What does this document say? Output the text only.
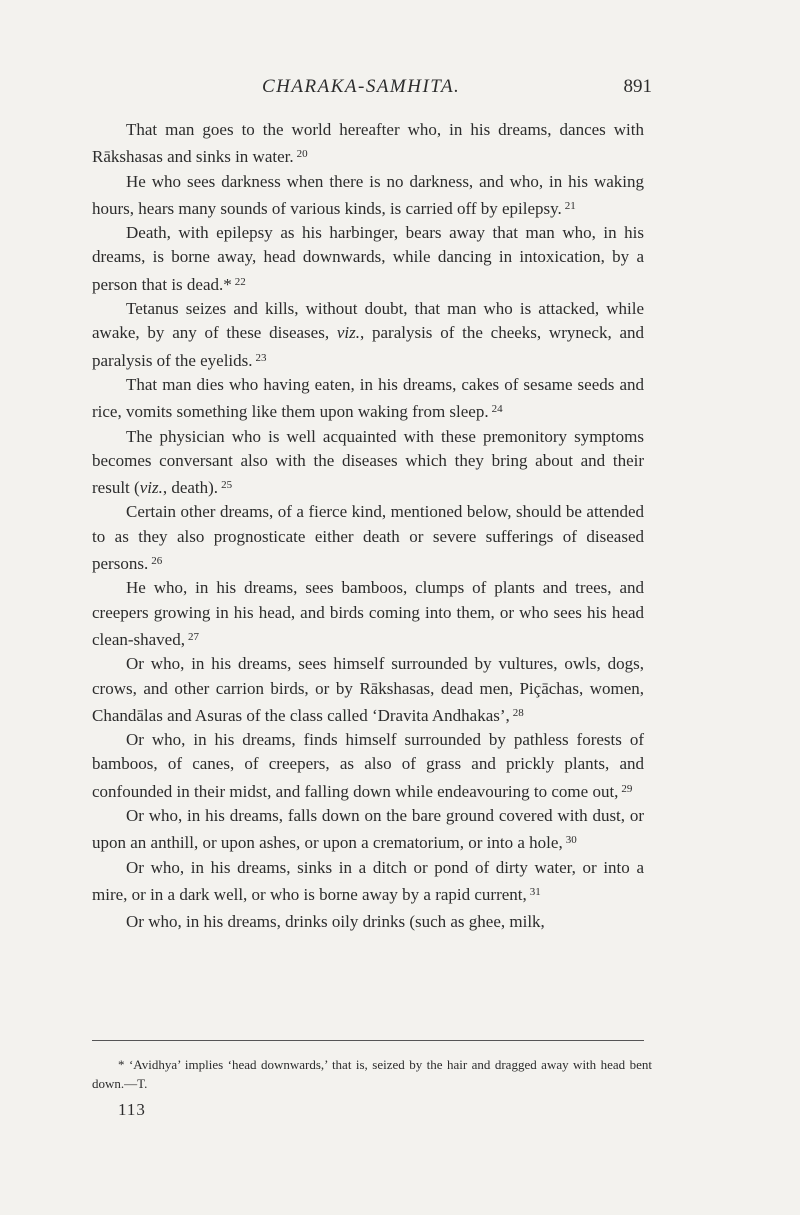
CHARAKA-SAMHITA.	891

That man goes to the world hereafter who, in his dreams, dances with Rākshasas and sinks in water. $^{20}$

He who sees darkness when there is no darkness, and who, in his waking hours, hears many sounds of various kinds, is carried off by epilepsy. $^{21}$

Death, with epilepsy as his harbinger, bears away that man who, in his dreams, is borne away, head downwards, while dancing in intoxication, by a person that is dead.* $^{22}$

Tetanus seizes and kills, without doubt, that man who is attacked, while awake, by any of these diseases, viz., paralysis of the cheeks, wryneck, and paralysis of the eyelids. $^{23}$

That man dies who having eaten, in his dreams, cakes of sesame seeds and rice, vomits something like them upon waking from sleep. $^{24}$

The physician who is well acquainted with these premonitory symptoms becomes conversant also with the diseases which they bring about and their result (viz., death). $^{25}$

Certain other dreams, of a fierce kind, mentioned below, should be attended to as they also prognosticate either death or severe sufferings of diseased persons. $^{26}$

He who, in his dreams, sees bamboos, clumps of plants and trees, and creepers growing in his head, and birds coming into them, or who sees his head clean-shaved, $^{27}$

Or who, in his dreams, sees himself surrounded by vultures, owls, dogs, crows, and other carrion birds, or by Rākshasas, dead men, Piçāchas, women, Chandālas and Asuras of the class called ‘Dravita Andhakas’, $^{28}$

Or who, in his dreams, finds himself surrounded by pathless forests of bamboos, of canes, of creepers, as also of grass and prickly plants, and confounded in their midst, and falling down while endeavouring to come out, $^{29}$

Or who, in his dreams, falls down on the bare ground covered with dust, or upon an anthill, or upon ashes, or upon a crematorium, or into a hole, $^{30}$

Or who, in his dreams, sinks in a ditch or pond of dirty water, or into a mire, or in a dark well, or who is borne away by a rapid current, $^{31}$

Or who, in his dreams, drinks oily drinks (such as ghee, milk,

* ‘Avidhya’ implies ‘head downwards,’ that is, seized by the hair and dragged away with head bent down.—T.

113
